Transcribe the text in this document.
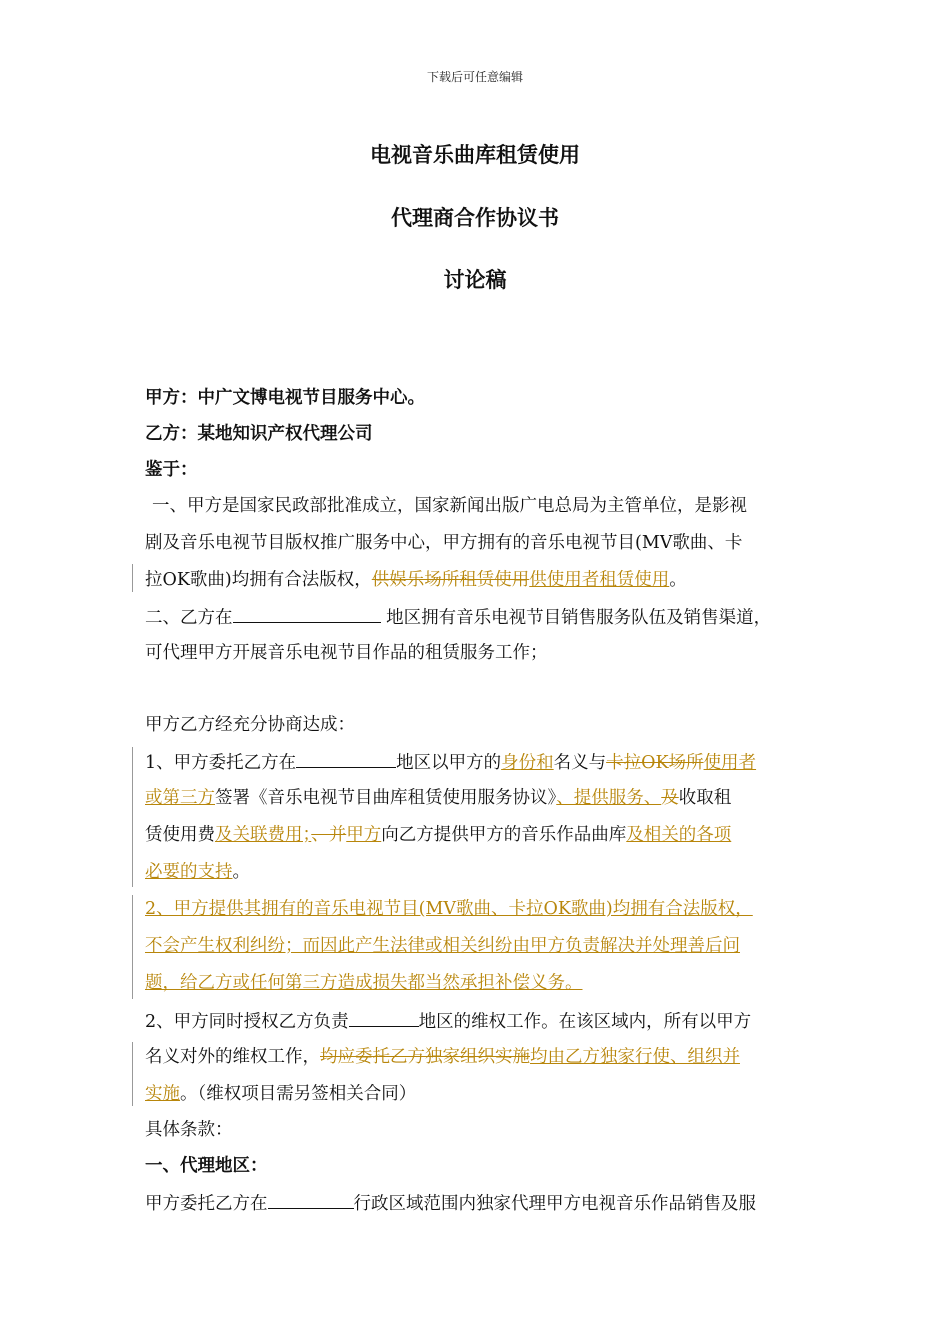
下载后可任意编辑
电视音乐曲库租赁使用
代理商合作协议书
讨论稿
甲方：中广文博电视节目服务中心。
乙方：某地知识产权代理公司
鉴于：
一、甲方是国家民政部批准成立，国家新闻出版广电总局为主管单位，是影视
剧及音乐电视节目版权推广服务中心，甲方拥有的音乐电视节目(MV歌曲、卡
拉OK歌曲)均拥有合法版权，供娱乐场所租赁使用供使用者租赁使用。
二、乙方在	地区拥有音乐电视节目销售服务队伍及销售渠道，
可代理甲方开展音乐电视节目作品的租赁服务工作；
甲方乙方经充分协商达成：
1、甲方委托乙方在	地区以甲方的身份和名义与卡拉OK场所使用者
或第三方签署《音乐电视节目曲库租赁使用服务协议》、提供服务、及收取租
赁使用费及关联费用；、并甲方向乙方提供甲方的音乐作品曲库及相关的各项
必要的支持。
2、甲方提供其拥有的音乐电视节目(MV歌曲、卡拉OK歌曲)均拥有合法版权，
不会产生权利纠纷；而因此产生法律或相关纠纷由甲方负责解决并处理善后问
题，给乙方或任何第三方造成损失都当然承担补偿义务。
2、甲方同时授权乙方负责	地区的维权工作。在该区域内，所有以甲方
名义对外的维权工作，均应委托乙方独家组织实施均由乙方独家行使、组织并
实施。（维权项目需另签相关合同）
具体条款：
一、代理地区：
甲方委托乙方在	行政区域范围内独家代理甲方电视音乐作品销售及服
